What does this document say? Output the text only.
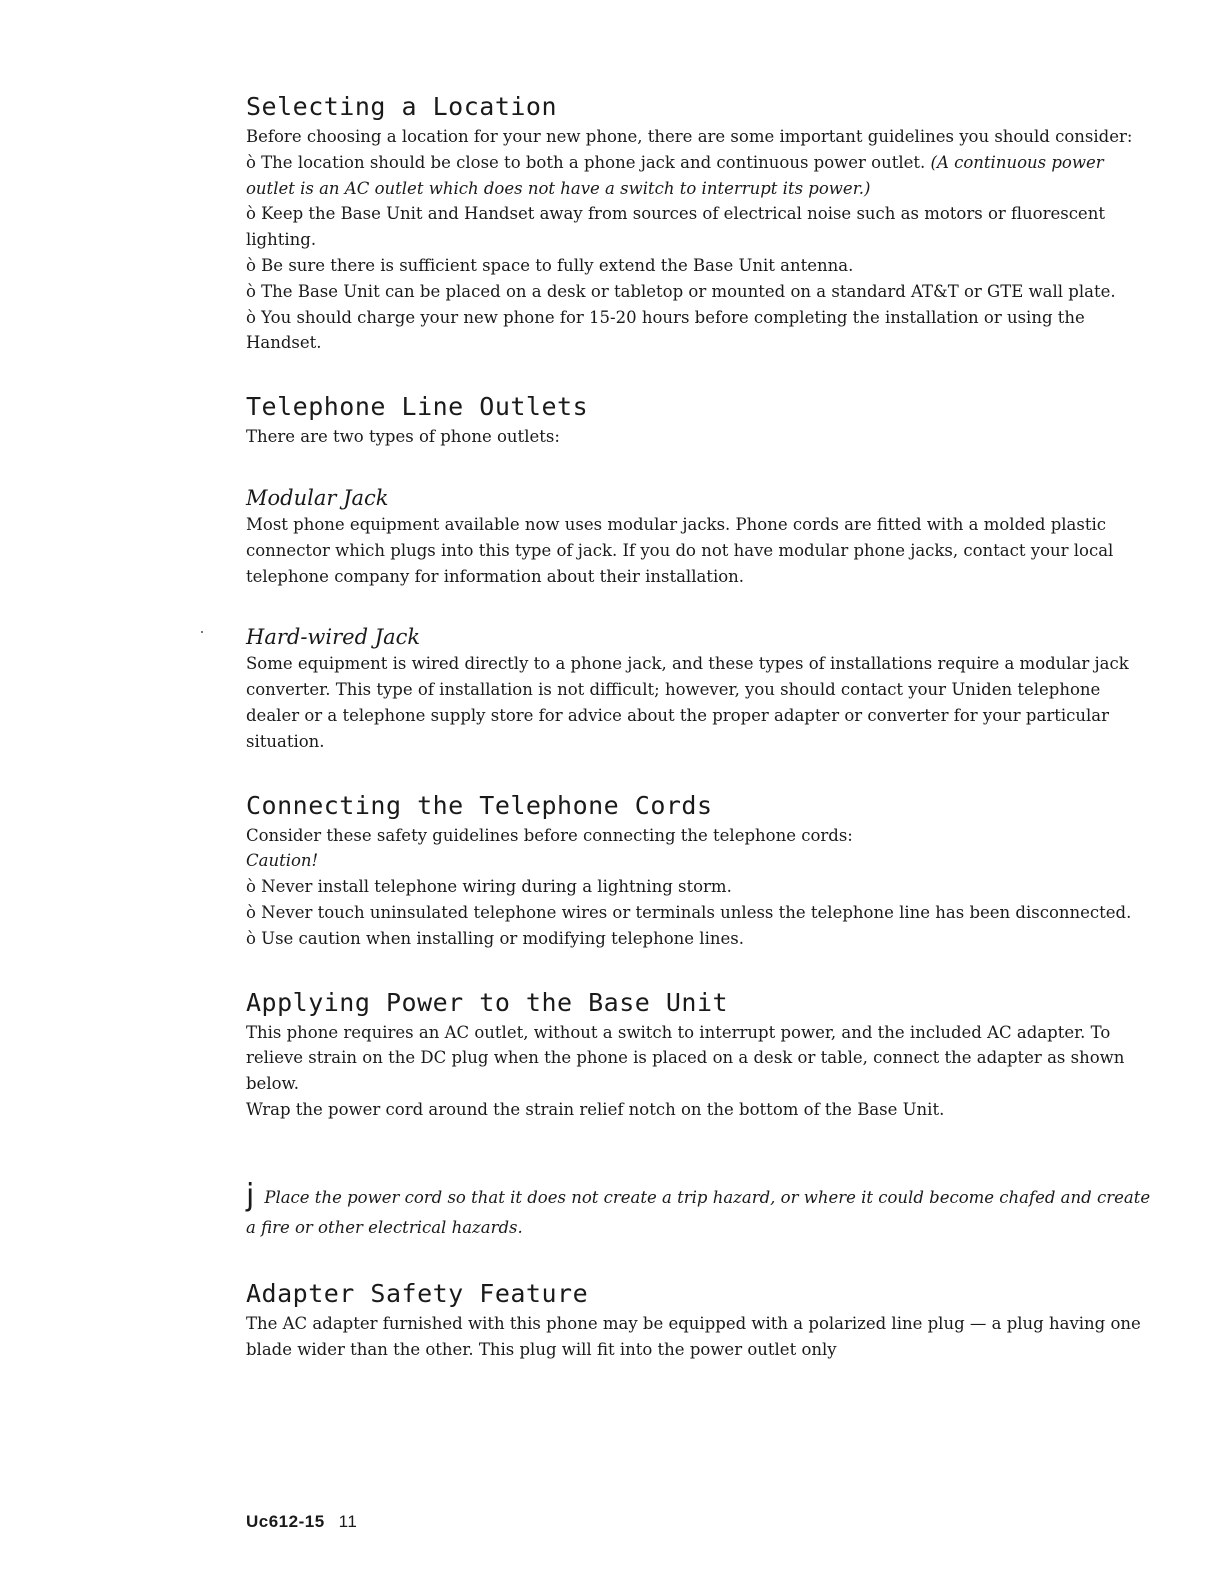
Selecting a Location

Before choosing a location for your new phone, there are some important guidelines you should consider:

ò The location should be close to both a phone jack and continuous power outlet. (A continuous power outlet is an AC outlet which does not have a switch to interrupt its power.)

ò Keep the Base Unit and Handset away from sources of electrical noise such as motors or fluorescent lighting.

ò Be sure there is sufficient space to fully extend the Base Unit antenna.

ò The Base Unit can be placed on a desk or tabletop or mounted on a standard AT&T or GTE wall plate.

ò You should charge your new phone for 15-20 hours before completing the installation or using the Handset.

Telephone Line Outlets

There are two types of phone outlets:

Modular Jack

Most phone equipment available now uses modular jacks. Phone cords are fitted with a molded plastic connector which plugs into this type of jack. If you do not have modular phone jacks, contact your local telephone company for information about their installation.

Hard-wired Jack

Some equipment is wired directly to a phone jack, and these types of installations require a modular jack converter. This type of installation is not difficult; however, you should contact your Uniden telephone dealer or a telephone supply store for advice about the proper adapter or converter for your particular situation.

Connecting the Telephone Cords

Consider these safety guidelines before connecting the telephone cords:

Caution!

ò Never install telephone wiring during a lightning storm.

ò Never touch uninsulated telephone wires or terminals unless the telephone line has been disconnected.

ò Use caution when installing or modifying telephone lines.

Applying Power to the Base Unit

This phone requires an AC outlet, without a switch to interrupt power, and the included AC adapter. To relieve strain on the DC plug when the phone is placed on a desk or table, connect the adapter as shown below.

Wrap the power cord around the strain relief notch on the bottom of the Base Unit.

j Place the power cord so that it does not create a trip hazard, or where it could become chafed and create a fire or other electrical hazards.

Adapter Safety Feature

The AC adapter furnished with this phone may be equipped with a polarized line plug — a plug having one blade wider than the other. This plug will fit into the power outlet only

Uc612-15 11
